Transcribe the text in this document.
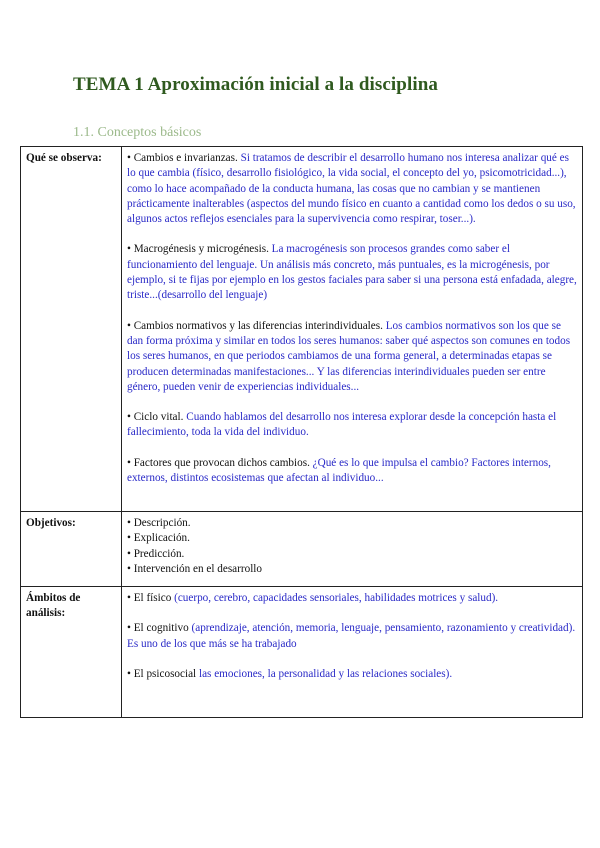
TEMA 1 Aproximación inicial a la disciplina
1.1. Conceptos básicos
Qué se observa:	• Cambios e invarianzas. Si tratamos de describir el desarrollo humano nos interesa analizar qué es lo que cambia (físico, desarrollo fisiológico, la vida social, el concepto del yo, psicomotricidad...), como lo hace acompañado de la conducta humana, las cosas que no cambian y se mantienen prácticamente inalterables (aspectos del mundo físico en cuanto a cantidad como los dedos o su uso, algunos actos reflejos esenciales para la supervivencia como respirar, toser...).

• Macrogénesis y microgénesis. La macrogénesis son procesos grandes como saber el funcionamiento del lenguaje. Un análisis más concreto, más puntuales, es la microgénesis, por ejemplo, si te fijas por ejemplo en los gestos faciales para saber si una persona está enfadada, alegre, triste...(desarrollo del lenguaje)

• Cambios normativos y las diferencias interindividuales. Los cambios normativos son los que se dan forma próxima y similar en todos los seres humanos: saber qué aspectos son comunes en todos los seres humanos, en que periodos cambiamos de una forma general, a determinadas etapas se producen determinadas manifestaciones... Y las diferencias interindividuales pueden ser entre género, pueden venir de experiencias individuales...

• Ciclo vital. Cuando hablamos del desarrollo nos interesa explorar desde la concepción hasta el fallecimiento, toda la vida del individuo.

• Factores que provocan dichos cambios. ¿Qué es lo que impulsa el cambio? Factores internos, externos, distintos ecosistemas que afectan al individuo...

Objetivos:	• Descripción.

• Explicación.

• Predicción.

• Intervención en el desarrollo

Ámbitos de análisis:	• El físico (cuerpo, cerebro, capacidades sensoriales, habilidades motrices y salud).

• El cognitivo (aprendizaje, atención, memoria, lenguaje, pensamiento, razonamiento y creatividad). Es uno de los que más se ha trabajado

• El psicosocial las emociones, la personalidad y las relaciones sociales).
